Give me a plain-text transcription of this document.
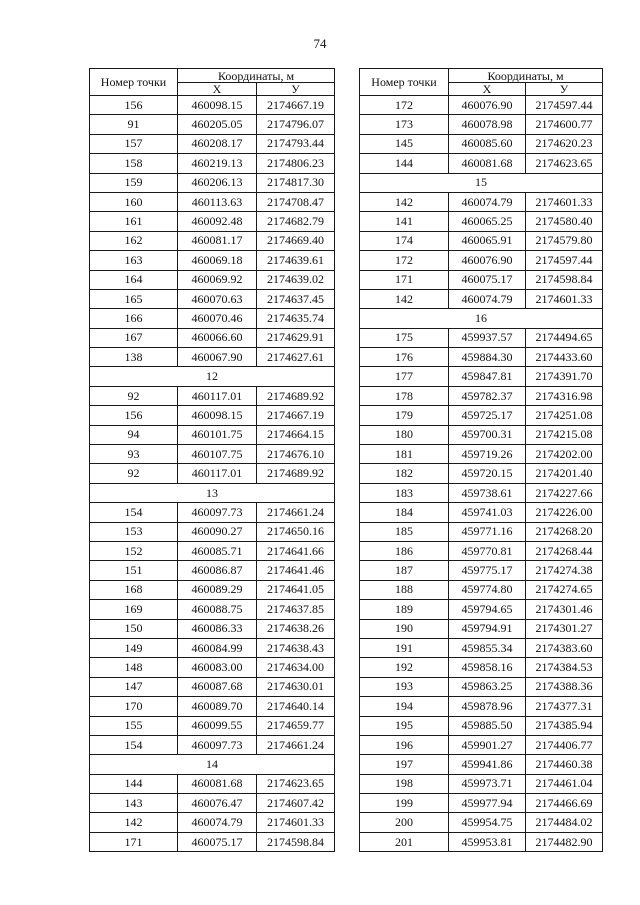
74
Номер точки	Координаты, м	
	X	У
156	460098.15	2174667.19
91	460205.05	2174796.07
157	460208.17	2174793.44
158	460219.13	2174806.23
159	460206.13	2174817.30
160	460113.63	2174708.47
161	460092.48	2174682.79
162	460081.17	2174669.40
163	460069.18	2174639.61
164	460069.92	2174639.02
165	460070.63	2174637.45
166	460070.46	2174635.74
167	460066.60	2174629.91
138	460067.90	2174627.61
12		
92	460117.01	2174689.92
156	460098.15	2174667.19
94	460101.75	2174664.15
93	460107.75	2174676.10
92	460117.01	2174689.92
13		
154	460097.73	2174661.24
153	460090.27	2174650.16
152	460085.71	2174641.66
151	460086.87	2174641.46
168	460089.29	2174641.05
169	460088.75	2174637.85
150	460086.33	2174638.26
149	460084.99	2174638.43
148	460083.00	2174634.00
147	460087.68	2174630.01
170	460089.70	2174640.14
155	460099.55	2174659.77
154	460097.73	2174661.24
14		
144	460081.68	2174623.65
143	460076.47	2174607.42
142	460074.79	2174601.33
171	460075.17	2174598.84
Номер точки	Координаты, м	
	X	У
172	460076.90	2174597.44
173	460078.98	2174600.77
145	460085.60	2174620.23
144	460081.68	2174623.65
15		
142	460074.79	2174601.33
141	460065.25	2174580.40
174	460065.91	2174579.80
172	460076.90	2174597.44
171	460075.17	2174598.84
142	460074.79	2174601.33
16		
175	459937.57	2174494.65
176	459884.30	2174433.60
177	459847.81	2174391.70
178	459782.37	2174316.98
179	459725.17	2174251.08
180	459700.31	2174215.08
181	459719.26	2174202.00
182	459720.15	2174201.40
183	459738.61	2174227.66
184	459741.03	2174226.00
185	459771.16	2174268.20
186	459770.81	2174268.44
187	459775.17	2174274.38
188	459774.80	2174274.65
189	459794.65	2174301.46
190	459794.91	2174301.27
191	459855.34	2174383.60
192	459858.16	2174384.53
193	459863.25	2174388.36
194	459878.96	2174377.31
195	459885.50	2174385.94
196	459901.27	2174406.77
197	459941.86	2174460.38
198	459973.71	2174461.04
199	459977.94	2174466.69
200	459954.75	2174484.02
201	459953.81	2174482.90
